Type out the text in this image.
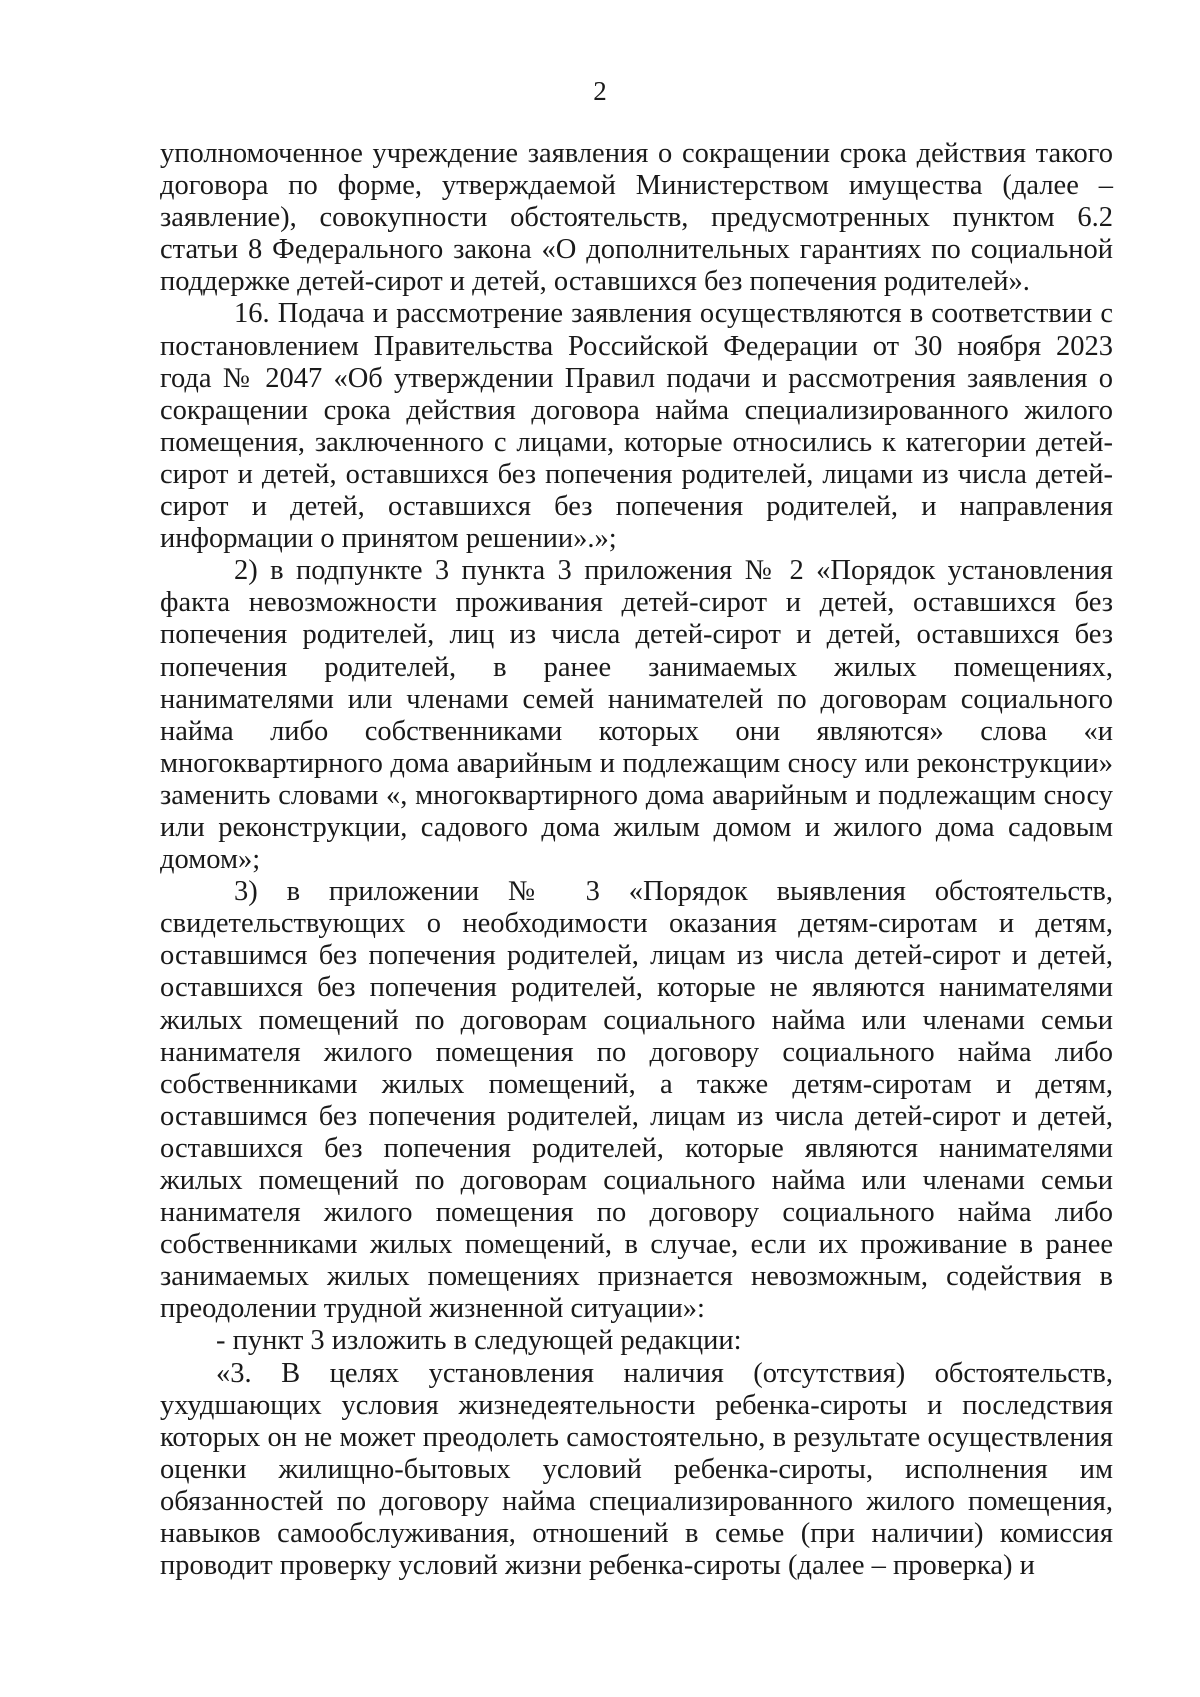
2

уполномоченное учреждение заявления о сокращении срока действия такого договора по форме, утверждаемой Министерством имущества (далее – заявление), совокупности обстоятельств, предусмотренных пунктом 6.2 статьи 8 Федерального закона «О дополнительных гарантиях по социальной поддержке детей-сирот и детей, оставшихся без попечения родителей».

16. Подача и рассмотрение заявления осуществляются в соответствии с постановлением Правительства Российской Федерации от 30 ноября 2023 года № 2047 «Об утверждении Правил подачи и рассмотрения заявления о сокращении срока действия договора найма специализированного жилого помещения, заключенного с лицами, которые относились к категории детей-сирот и детей, оставшихся без попечения родителей, лицами из числа детей-сирот и детей, оставшихся без попечения родителей, и направления информации о принятом решении».»;

2) в подпункте 3 пункта 3 приложения № 2 «Порядок установления факта невозможности проживания детей-сирот и детей, оставшихся без попечения родителей, лиц из числа детей-сирот и детей, оставшихся без попечения родителей, в ранее занимаемых жилых помещениях, нанимателями или членами семей нанимателей по договорам социального найма либо собственниками которых они являются» слова «и многоквартирного дома аварийным и подлежащим сносу или реконструкции» заменить словами «, многоквартирного дома аварийным и подлежащим сносу или реконструкции, садового дома жилым домом и жилого дома садовым домом»;

3) в приложении № 3 «Порядок выявления обстоятельств, свидетельствующих о необходимости оказания детям-сиротам и детям, оставшимся без попечения родителей, лицам из числа детей-сирот и детей, оставшихся без попечения родителей, которые не являются нанимателями жилых помещений по договорам социального найма или членами семьи нанимателя жилого помещения по договору социального найма либо собственниками жилых помещений, а также детям-сиротам и детям, оставшимся без попечения родителей, лицам из числа детей-сирот и детей, оставшихся без попечения родителей, которые являются нанимателями жилых помещений по договорам социального найма или членами семьи нанимателя жилого помещения по договору социального найма либо собственниками жилых помещений, в случае, если их проживание в ранее занимаемых жилых помещениях признается невозможным, содействия в преодолении трудной жизненной ситуации»:

- пункт 3 изложить в следующей редакции:

«3. В целях установления наличия (отсутствия) обстоятельств, ухудшающих условия жизнедеятельности ребенка-сироты и последствия которых он не может преодолеть самостоятельно, в результате осуществления оценки жилищно-бытовых условий ребенка-сироты, исполнения им обязанностей по договору найма специализированного жилого помещения, навыков самообслуживания, отношений в семье (при наличии) комиссия проводит проверку условий жизни ребенка-сироты (далее – проверка) и
